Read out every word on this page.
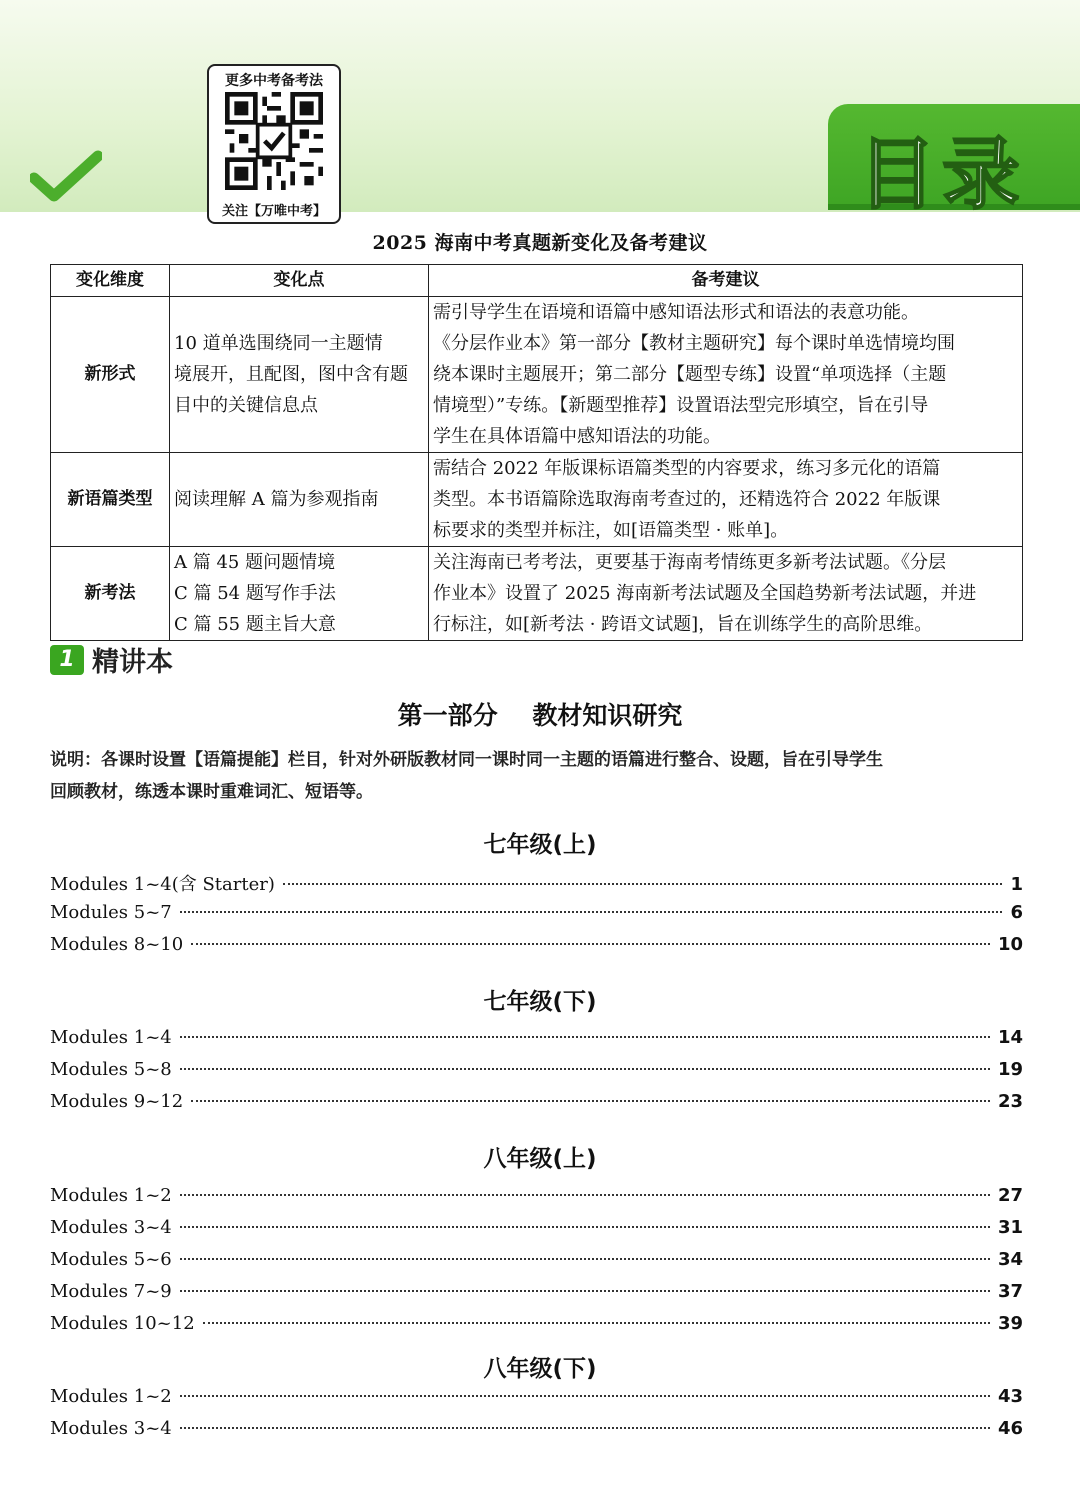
更多中考备考法
关注【万唯中考】	目录
2025 海南中考真题新变化及备考建议
变化维度	变化点	备考建议
新形式	10 道单选围绕同一主题情
境展开，且配图，图中含有题
目中的关键信息点	需引导学生在语境和语篇中感知语法形式和语法的表意功能。
《分层作业本》第一部分【教材主题研究】每个课时单选情境均围
绕本课时主题展开；第二部分【题型专练】设置“单项选择（主题
情境型）”专练。【新题型推荐】设置语法型完形填空，旨在引导
学生在具体语篇中感知语法的功能。

新语篇类型	阅读理解 A 篇为参观指南	需结合 2022 年版课标语篇类型的内容要求，练习多元化的语篇
类型。本书语篇除选取海南考查过的，还精选符合 2022 年版课
标要求的类型并标注，如[语篇类型 · 账单]。

新考法	A 篇 45 题问题情境
C 篇 54 题写作手法
C 篇 55 题主旨大意	关注海南已考考法，更要基于海南考情练更多新考法试题。《分层
作业本》设置了 2025 海南新考法试题及全国趋势新考法试题，并进
行标注，如[新考法 · 跨语文试题]，旨在训练学生的高阶思维。
1 精讲本
第一部分    教材知识研究
说明：各课时设置【语篇提能】栏目，针对外研版教材同一课时同一主题的语篇进行整合、设题，旨在引导学生
回顾教材，练透本课时重难词汇、短语等。
七年级(上)
Modules 1~4(含 Starter)	1
Modules 5~7	6
Modules 8~10	10
七年级(下)
Modules 1~4	14
Modules 5~8	19
Modules 9~12	23
八年级(上)
Modules 1~2	27
Modules 3~4	31
Modules 5~6	34
Modules 7~9	37
Modules 10~12	39
八年级(下)
Modules 1~2	43
Modules 3~4	46
